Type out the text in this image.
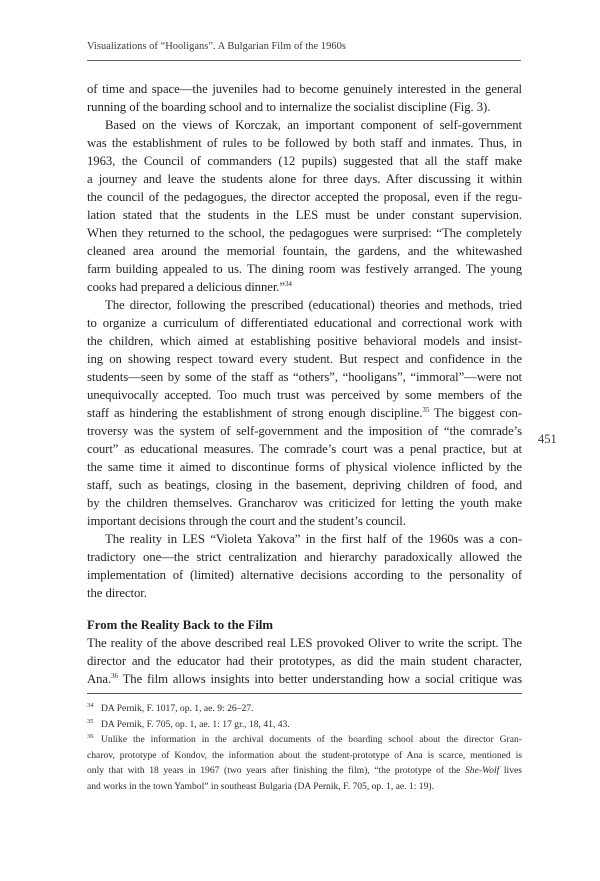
Visualizations of “Hooligans”. A Bulgarian Film of the 1960s
451
of time and space—the juveniles had to become genuinely interested in the general
running of the boarding school and to internalize the socialist discipline (Fig. 3).
Based on the views of Korczak, an important component of self-government
was the establishment of rules to be followed by both staff and inmates. Thus, in
1963, the Council of commanders (12 pupils) suggested that all the staff make
a journey and leave the students alone for three days. After discussing it within
the council of the pedagogues, the director accepted the proposal, even if the regu-
lation stated that the students in the LES must be under constant supervision.
When they returned to the school, the pedagogues were surprised: “The completely
cleaned area around the memorial fountain, the gardens, and the whitewashed
farm building appealed to us. The dining room was festively arranged. The young
cooks had prepared a delicious dinner.”$^{34}$
The director, following the prescribed (educational) theories and methods, tried
to organize a curriculum of differentiated educational and correctional work with
the children, which aimed at establishing positive behavioral models and insist-
ing on showing respect toward every student. But respect and confidence in the
students—seen by some of the staff as “others”, “hooligans”, “immoral”—were not
unequivocally accepted. Too much trust was perceived by some members of the
staff as hindering the establishment of strong enough discipline.$^{35}$ The biggest con-
troversy was the system of self-government and the imposition of “the comrade’s
court” as educational measures. The comrade’s court was a penal practice, but at
the same time it aimed to discontinue forms of physical violence inflicted by the
staff, such as beatings, closing in the basement, depriving children of food, and
by the children themselves. Grancharov was criticized for letting the youth make
important decisions through the court and the student’s council.
The reality in LES “Violeta Yakova” in the first half of the 1960s was a con-
tradictory one—the strict centralization and hierarchy paradoxically allowed the
implementation of (limited) alternative decisions according to the personality of
the director.
From the Reality Back to the Film
The reality of the above described real LES provoked Oliver to write the script. The
director and the educator had their prototypes, as did the main student character,
Ana.$^{36}$ The film allows insights into better understanding how a social critique was
34 DA Pernik, F. 1017, op. 1, ae. 9: 26–27.
35 DA Pernik, F. 705, op. 1, ae. 1: 17 gr., 18, 41, 43.
36 Unlike the information in the archival documents of the boarding school about the director Gran-
charov, prototype of Kondov, the information about the student-prototype of Ana is scarce, mentioned is
only that with 18 years in 1967 (two years after finishing the film), “the prototype of the She-Wolf lives
and works in the town Yambol” in southeast Bulgaria (DA Pernik, F. 705, op. 1, ae. 1: 19).
